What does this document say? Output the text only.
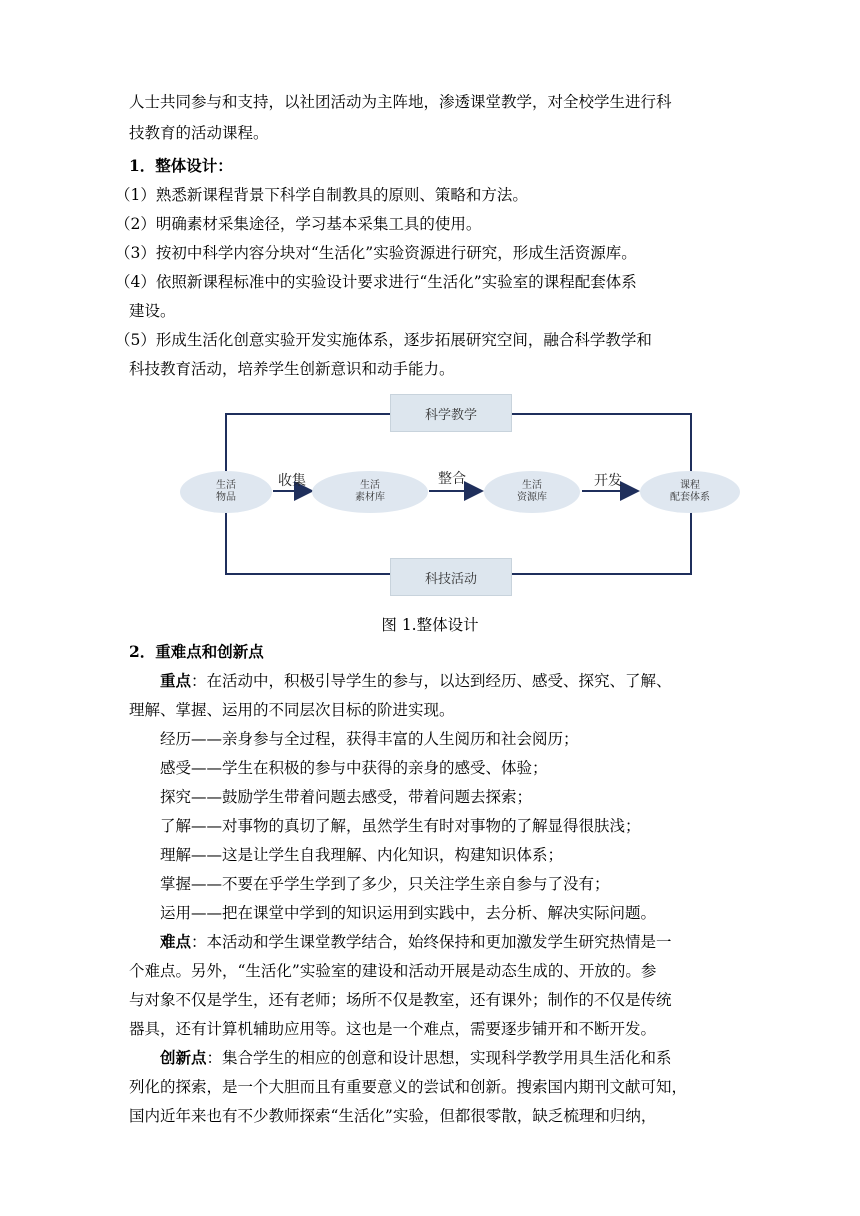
人士共同参与和支持，以社团活动为主阵地，渗透课堂教学，对全校学生进行科
技教育的活动课程。
1．整体设计：
（1）熟悉新课程背景下科学自制教具的原则、策略和方法。
（2）明确素材采集途径，学习基本采集工具的使用。
（3）按初中科学内容分块对“生活化”实验资源进行研究，形成生活资源库。
（4）依照新课程标准中的实验设计要求进行“生活化”实验室的课程配套体系
建设。
（5）形成生活化创意实验开发实施体系，逐步拓展研究空间，融合科学教学和
科技教育活动，培养学生创新意识和动手能力。
科学教学
科技活动
生活
物品
生活
素材库
生活
资源库
课程
配套体系
收集	整合	开发
图 1.整体设计
2．重难点和创新点
重点：在活动中，积极引导学生的参与，以达到经历、感受、探究、了解、
理解、掌握、运用的不同层次目标的阶进实现。
经历——亲身参与全过程，获得丰富的人生阅历和社会阅历；
感受——学生在积极的参与中获得的亲身的感受、体验；
探究——鼓励学生带着问题去感受，带着问题去探索；
了解——对事物的真切了解，虽然学生有时对事物的了解显得很肤浅；
理解——这是让学生自我理解、内化知识，构建知识体系；
掌握——不要在乎学生学到了多少，只关注学生亲自参与了没有；
运用——把在课堂中学到的知识运用到实践中，去分析、解决实际问题。
难点：本活动和学生课堂教学结合，始终保持和更加激发学生研究热情是一
个难点。另外，“生活化”实验室的建设和活动开展是动态生成的、开放的。参
与对象不仅是学生，还有老师；场所不仅是教室，还有课外；制作的不仅是传统
器具，还有计算机辅助应用等。这也是一个难点，需要逐步铺开和不断开发。
创新点：集合学生的相应的创意和设计思想，实现科学教学用具生活化和系
列化的探索，是一个大胆而且有重要意义的尝试和创新。搜索国内期刊文献可知，
国内近年来也有不少教师探索“生活化”实验，但都很零散，缺乏梳理和归纳，
